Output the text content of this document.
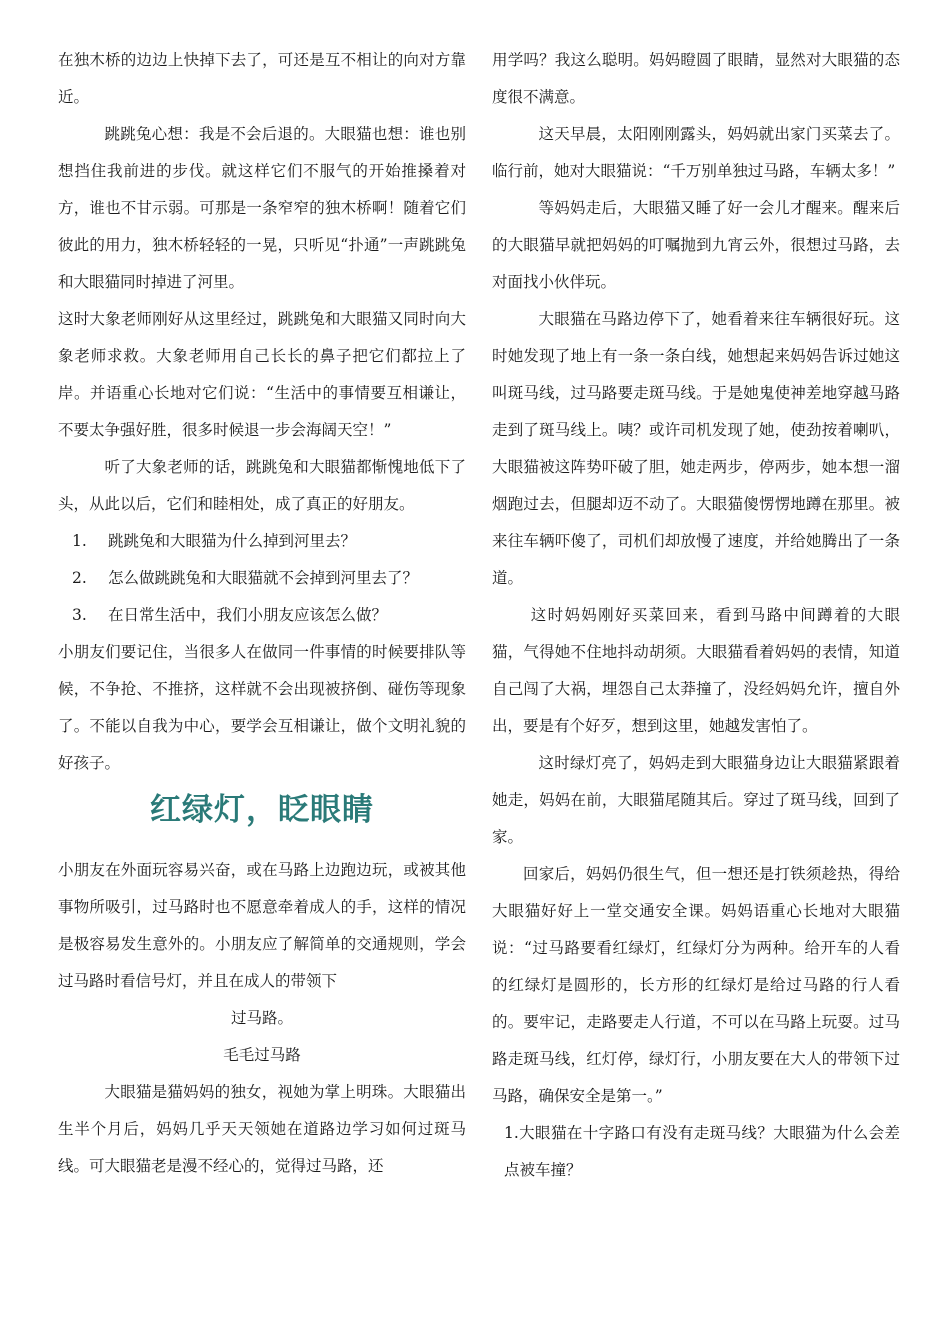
在独木桥的边边上快掉下去了，可还是互不相让的向对方靠近。

跳跳兔心想：我是不会后退的。大眼猫也想：谁也别想挡住我前进的步伐。就这样它们不服气的开始推搡着对方，谁也不甘示弱。可那是一条窄窄的独木桥啊！随着它们彼此的用力，独木桥轻轻的一晃，只听见“扑通”一声跳跳兔和大眼猫同时掉进了河里。

这时大象老师刚好从这里经过，跳跳兔和大眼猫又同时向大象老师求救。大象老师用自己长长的鼻子把它们都拉上了岸。并语重心长地对它们说：“生活中的事情要互相谦让，不要太争强好胜，很多时候退一步会海阔天空！”

听了大象老师的话，跳跳兔和大眼猫都惭愧地低下了头，从此以后，它们和睦相处，成了真正的好朋友。

1. 跳跳兔和大眼猫为什么掉到河里去？

2. 怎么做跳跳兔和大眼猫就不会掉到河里去了？

3. 在日常生活中，我们小朋友应该怎么做？

小朋友们要记住，当很多人在做同一件事情的时候要排队等候，不争抢、不推挤，这样就不会出现被挤倒、碰伤等现象了。不能以自我为中心，要学会互相谦让，做个文明礼貌的好孩子。

红绿灯，眨眼睛

小朋友在外面玩容易兴奋，或在马路上边跑边玩，或被其他事物所吸引，过马路时也不愿意牵着成人的手，这样的情况是极容易发生意外的。小朋友应了解简单的交通规则，学会过马路时看信号灯，并且在成人的带领下

过马路。

毛毛过马路

大眼猫是猫妈妈的独女，视她为掌上明珠。大眼猫出生半个月后，妈妈几乎天天领她在道路边学习如何过斑马线。可大眼猫老是漫不经心的，觉得过马路，还

用学吗？我这么聪明。妈妈瞪圆了眼睛，显然对大眼猫的态度很不满意。

这天早晨，太阳刚刚露头，妈妈就出家门买菜去了。临行前，她对大眼猫说：“千万别单独过马路，车辆太多！”

等妈妈走后，大眼猫又睡了好一会儿才醒来。醒来后的大眼猫早就把妈妈的叮嘱抛到九宵云外，很想过马路，去对面找小伙伴玩。

大眼猫在马路边停下了，她看着来往车辆很好玩。这时她发现了地上有一条一条白线，她想起来妈妈告诉过她这叫斑马线，过马路要走斑马线。于是她鬼使神差地穿越马路走到了斑马线上。咦？或许司机发现了她，使劲按着喇叭，大眼猫被这阵势吓破了胆，她走两步，停两步，她本想一溜烟跑过去，但腿却迈不动了。大眼猫傻愣愣地蹲在那里。被来往车辆吓傻了，司机们却放慢了速度，并给她腾出了一条道。

这时妈妈刚好买菜回来，看到马路中间蹲着的大眼猫，气得她不住地抖动胡须。大眼猫看着妈妈的表情，知道自己闯了大祸，埋怨自己太莽撞了，没经妈妈允许，擅自外出，要是有个好歹，想到这里，她越发害怕了。

这时绿灯亮了，妈妈走到大眼猫身边让大眼猫紧跟着她走，妈妈在前，大眼猫尾随其后。穿过了斑马线，回到了家。

回家后，妈妈仍很生气，但一想还是打铁须趁热，得给大眼猫好好上一堂交通安全课。妈妈语重心长地对大眼猫说：“过马路要看红绿灯，红绿灯分为两种。给开车的人看的红绿灯是圆形的，长方形的红绿灯是给过马路的行人看的。要牢记，走路要走人行道，不可以在马路上玩耍。过马路走斑马线，红灯停，绿灯行，小朋友要在大人的带领下过马路，确保安全是第一。”

1.大眼猫在十字路口有没有走斑马线？大眼猫为什么会差点被车撞？
